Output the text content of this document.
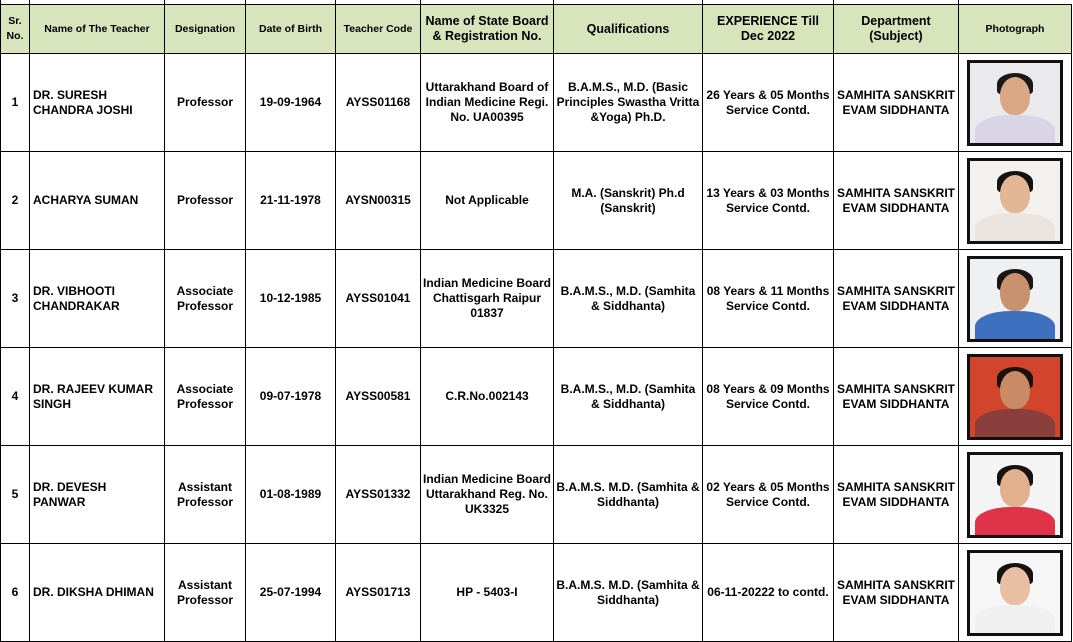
Sr. No.	Name of The Teacher	Designation	Date of Birth	Teacher Code	Name of State Board & Registration No.	Qualifications	EXPERIENCE Till Dec 2022	Department (Subject)	Photograph
1	DR. SURESH CHANDRA JOSHI	Professor	19-09-1964	AYSS01168	Uttarakhand Board of Indian Medicine Regi. No. UA00395	B.A.M.S., M.D. (Basic Principles Swastha Vritta &Yoga) Ph.D.	26 Years & 05 Months Service Contd.	SAMHITA SANSKRIT EVAM SIDDHANTA	

2	ACHARYA SUMAN	Professor	21-11-1978	AYSN00315	Not Applicable	M.A. (Sanskrit) Ph.d (Sanskrit)	13 Years & 03 Months Service Contd.	SAMHITA SANSKRIT EVAM SIDDHANTA	

3	DR. VIBHOOTI CHANDRAKAR	Associate Professor	10-12-1985	AYSS01041	Indian Medicine Board Chattisgarh Raipur 01837	B.A.M.S., M.D. (Samhita & Siddhanta)	08 Years & 11 Months Service Contd.	SAMHITA SANSKRIT EVAM SIDDHANTA	

4	DR. RAJEEV KUMAR SINGH	Associate Professor	09-07-1978	AYSS00581	C.R.No.002143	B.A.M.S., M.D. (Samhita & Siddhanta)	08 Years & 09 Months Service Contd.	SAMHITA SANSKRIT EVAM SIDDHANTA	

5	DR. DEVESH PANWAR	Assistant Professor	01-08-1989	AYSS01332	Indian Medicine Board Uttarakhand Reg. No. UK3325	B.A.M.S. M.D. (Samhita & Siddhanta)	02 Years & 05 Months Service Contd.	SAMHITA SANSKRIT EVAM SIDDHANTA	

6	DR. DIKSHA DHIMAN	Assistant Professor	25-07-1994	AYSS01713	HP - 5403-I	B.A.M.S. M.D. (Samhita & Siddhanta)	06-11-20222 to contd.	SAMHITA SANSKRIT EVAM SIDDHANTA	
